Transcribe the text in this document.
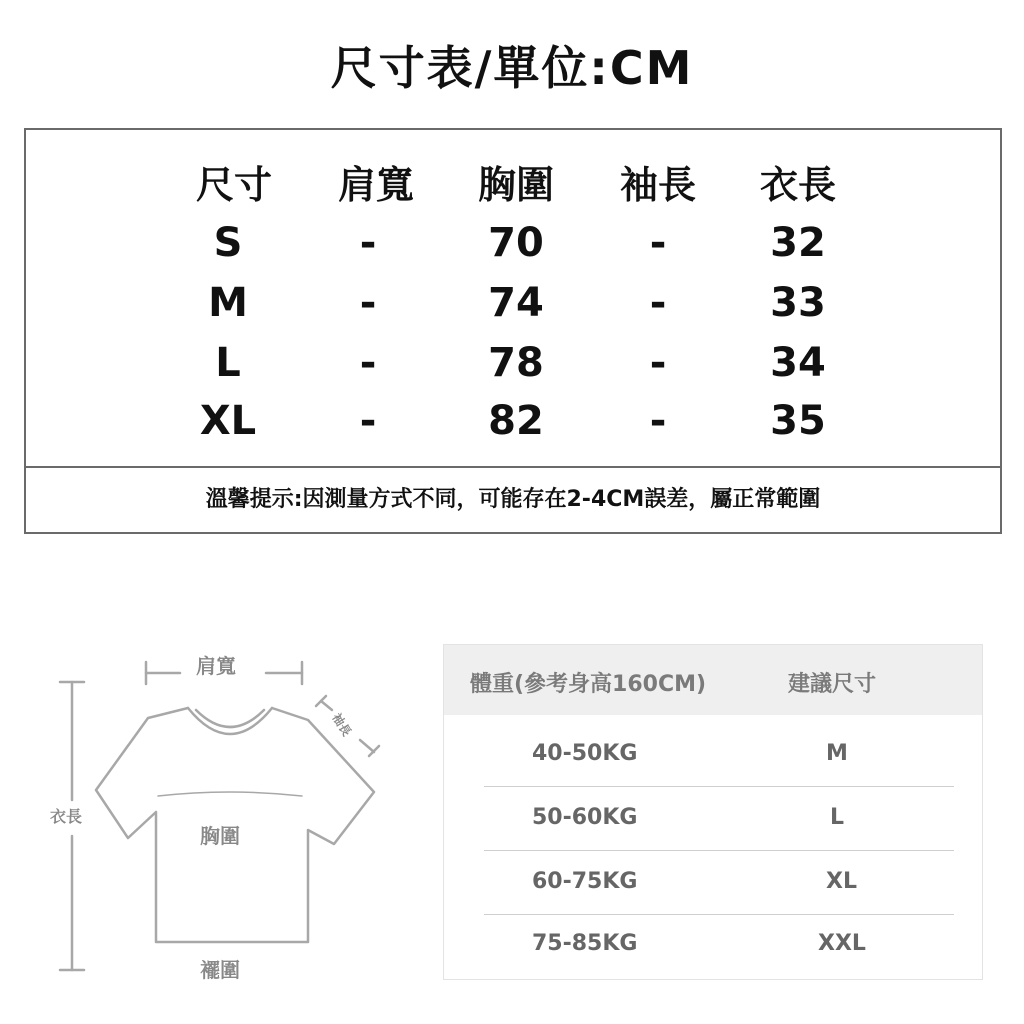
尺寸表/單位:CM
尺寸	肩寬	胸圍	袖長	衣長
S	-	70	-	32
M	-	74	-	33
L	-	78	-	34
XL	-	82	-	35
溫馨提示:因測量方式不同，可能存在2-4CM誤差，屬正常範圍
肩寬
袖長
衣長
胸圍
襬圍
體重(參考身高160CM)	建議尺寸
40-50KG	M
50-60KG	L
60-75KG	XL
75-85KG	XXL
